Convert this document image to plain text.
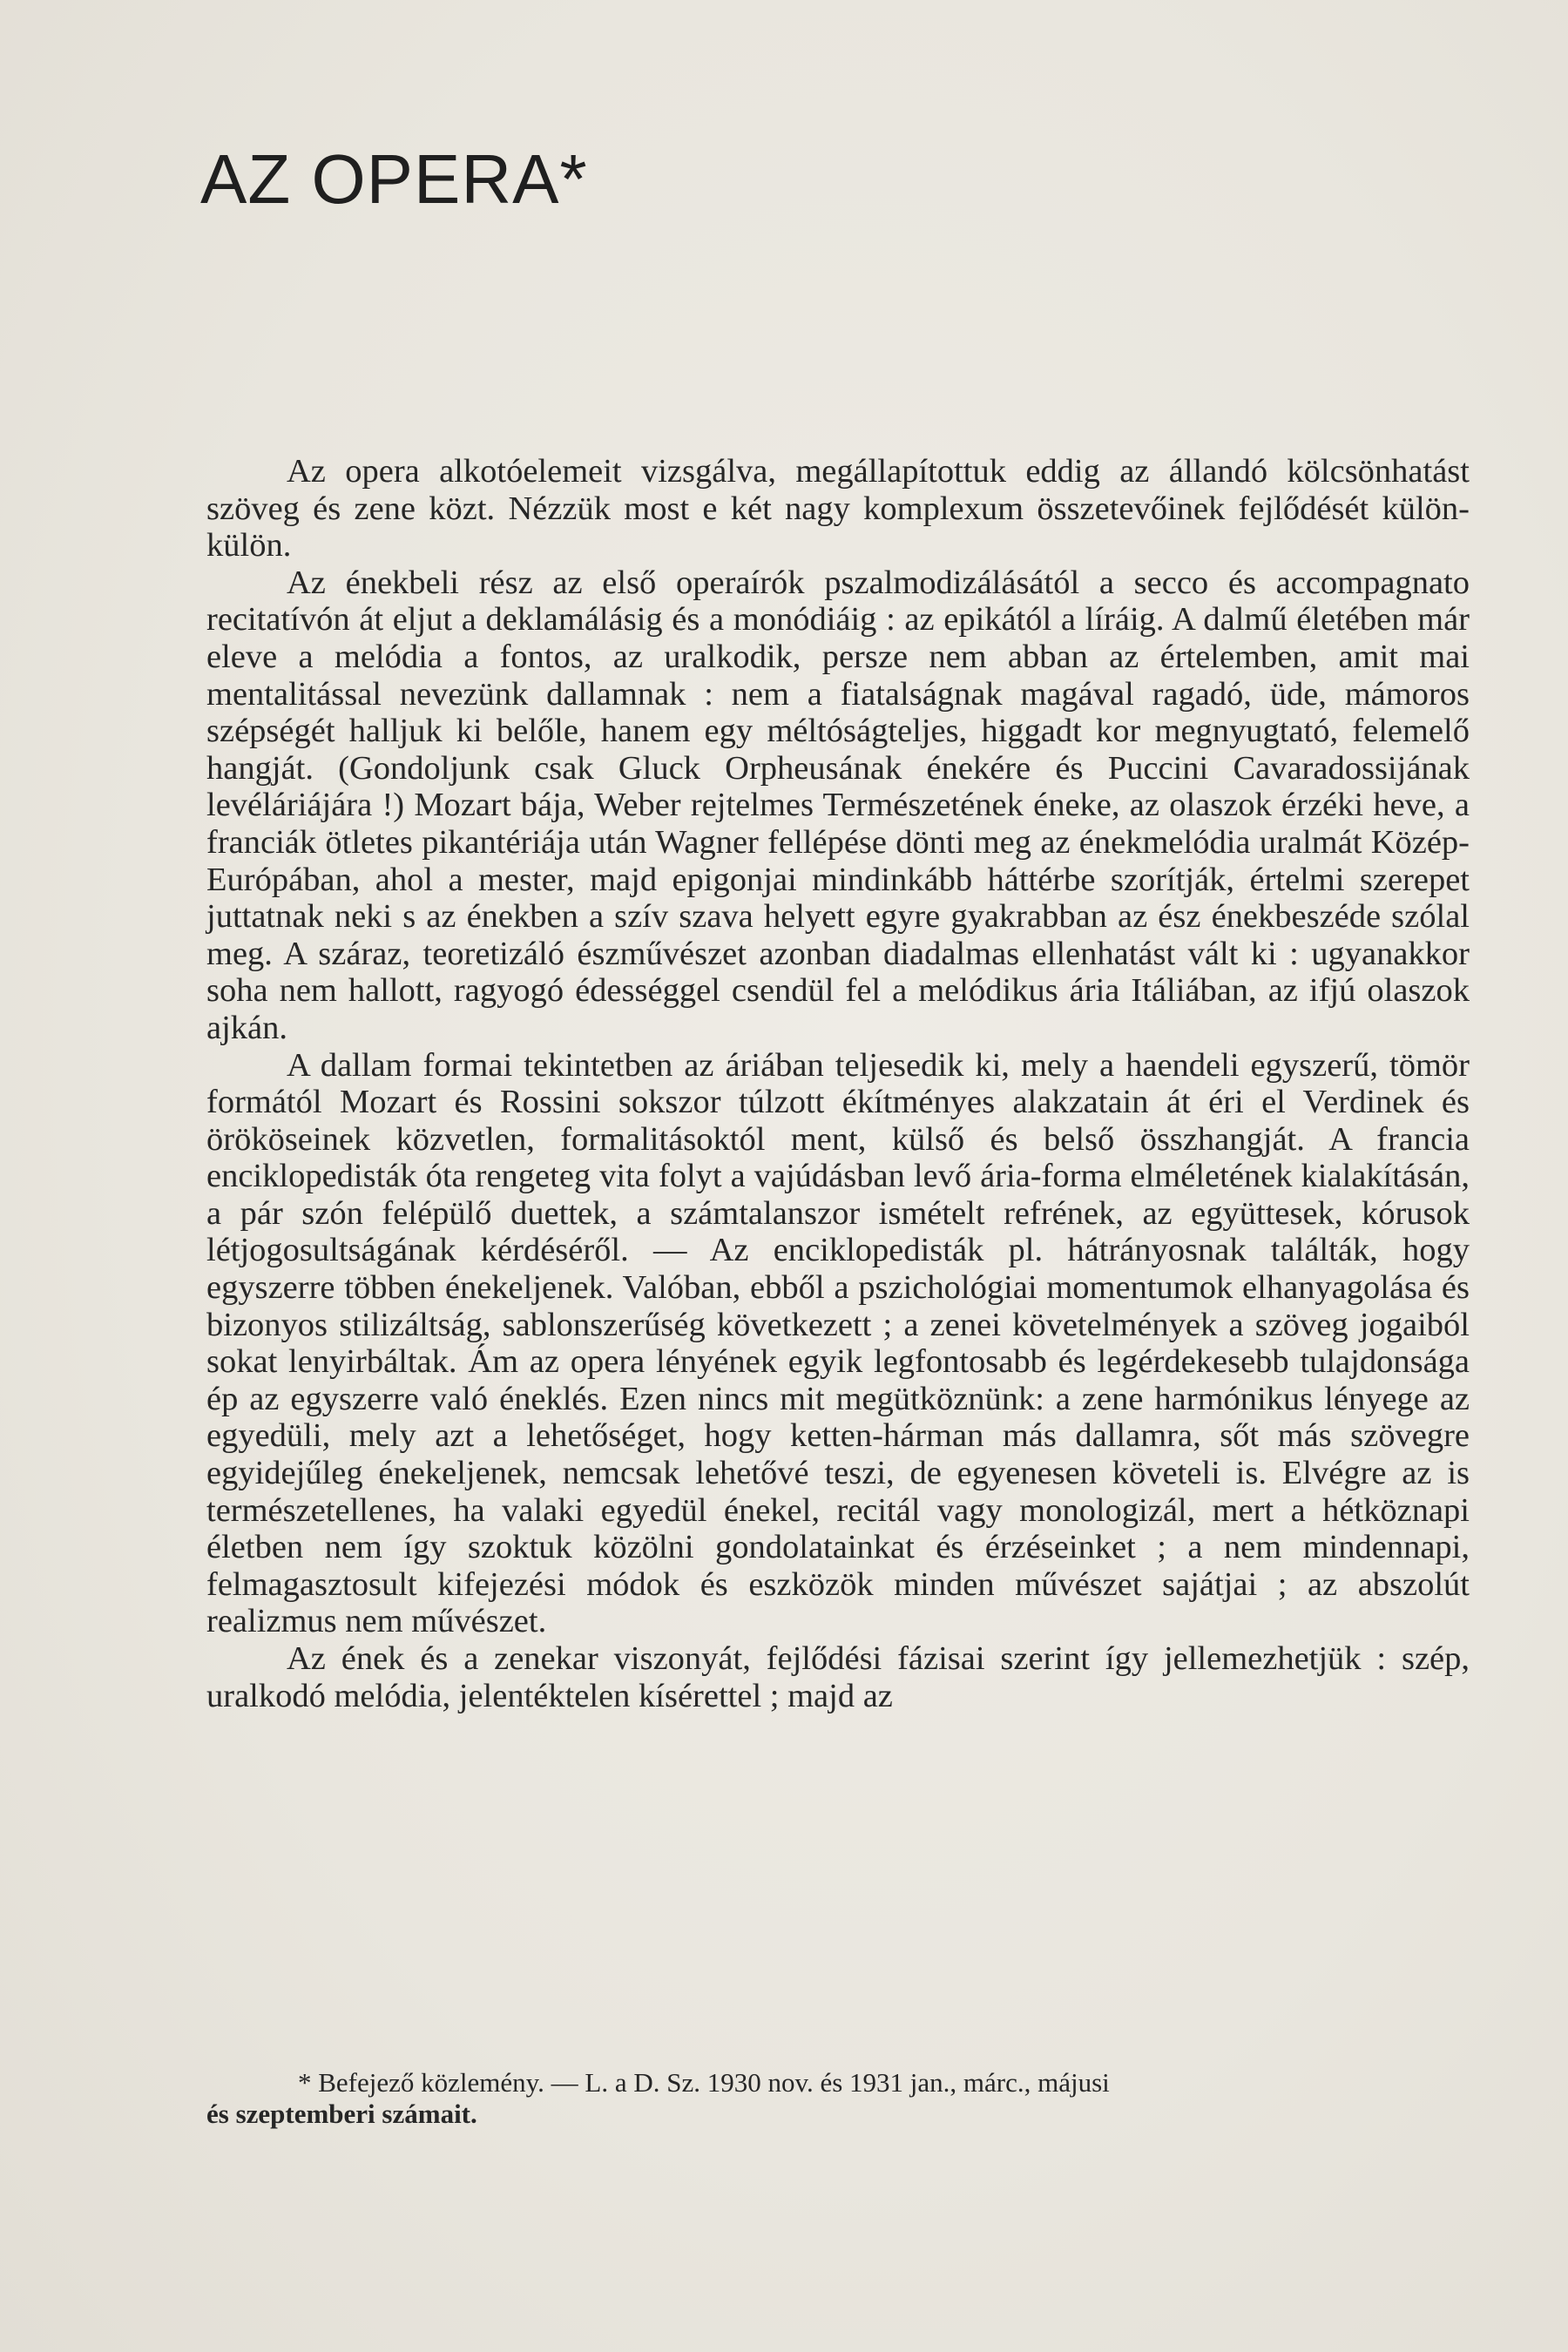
AZ OPERA*

Az opera alkotóelemeit vizsgálva, megállapítottuk eddig az állandó kölcsönhatást szöveg és zene közt. Nézzük most e két nagy komplexum összetevőinek fejlődését külön-külön.

Az énekbeli rész az első operaírók pszalmodizálásától a secco és accompagnato recitatívón át eljut a deklamálásig és a monódiáig : az epikától a líráig. A dalmű életében már eleve a melódia a fontos, az uralkodik, persze nem abban az értelemben, amit mai mentalitással nevezünk dallamnak : nem a fiatalságnak magával ragadó, üde, mámoros szépségét halljuk ki belőle, hanem egy méltóságteljes, higgadt kor megnyugtató, felemelő hangját. (Gondoljunk csak Gluck Orpheusának énekére és Puccini Cavaradossijának levéláriájára !) Mozart bája, Weber rejtelmes Természetének éneke, az olaszok érzéki heve, a franciák ötletes pikantériája után Wagner fellépése dönti meg az énekmelódia uralmát Közép-Európában, ahol a mester, majd epigonjai mindinkább háttérbe szorítják, értelmi szerepet juttatnak neki s az énekben a szív szava helyett egyre gyakrabban az ész énekbeszéde szólal meg. A száraz, teoretizáló észművészet azonban diadalmas ellenhatást vált ki : ugyanakkor soha nem hallott, ragyogó édességgel csendül fel a melódikus ária Itáliában, az ifjú olaszok ajkán.

A dallam formai tekintetben az áriában teljesedik ki, mely a haendeli egyszerű, tömör formától Mozart és Rossini sokszor túlzott ékítményes alakzatain át éri el Verdinek és örököseinek közvetlen, formalitásoktól ment, külső és belső összhangját. A francia enciklopedisták óta rengeteg vita folyt a vajúdásban levő ária-forma elméletének kialakításán, a pár szón felépülő duettek, a számtalanszor ismételt refrének, az együttesek, kórusok létjogosultságának kérdéséről. — Az enciklopedisták pl. hátrányosnak találták, hogy egyszerre többen énekeljenek. Valóban, ebből a pszichológiai momentumok elhanyagolása és bizonyos stilizáltság, sablonszerűség következett ; a zenei követelmények a szöveg jogaiból sokat lenyirbáltak. Ám az opera lényének egyik legfontosabb és legérdekesebb tulajdonsága ép az egyszerre való éneklés. Ezen nincs mit megütköznünk: a zene harmónikus lényege az egyedüli, mely azt a lehetőséget, hogy ketten-hárman más dallamra, sőt más szövegre egyidejűleg énekeljenek, nemcsak lehetővé teszi, de egyenesen követeli is. Elvégre az is természetellenes, ha valaki egyedül énekel, recitál vagy monologizál, mert a hétköznapi életben nem így szoktuk közölni gondolatainkat és érzéseinket ; a nem mindennapi, felmagasztosult kifejezési módok és eszközök minden művészet sajátjai ; az abszolút realizmus nem művészet.

Az ének és a zenekar viszonyát, fejlődési fázisai szerint így jellemezhetjük : szép, uralkodó melódia, jelentéktelen kísérettel ; majd az

* Befejező közlemény. — L. a D. Sz. 1930 nov. és 1931 jan., márc., májusi
és szeptemberi számait.
